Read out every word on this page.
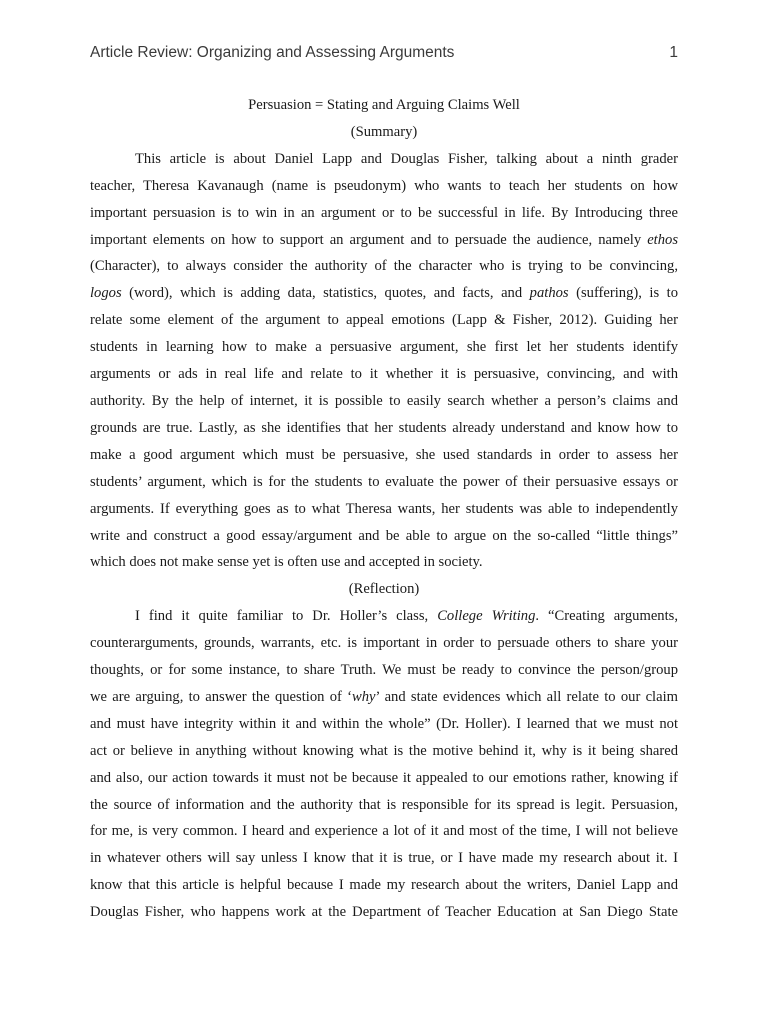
Article Review: Organizing and Assessing Arguments	1

Persuasion = Stating and Arguing Claims Well

(Summary)

This article is about Daniel Lapp and Douglas Fisher, talking about a ninth grader
teacher, Theresa Kavanaugh (name is pseudonym) who wants to teach her students on how
important persuasion is to win in an argument or to be successful in life. By Introducing three
important elements on how to support an argument and to persuade the audience, namely ethos
(Character), to always consider the authority of the character who is trying to be convincing,
logos (word), which is adding data, statistics, quotes, and facts, and pathos (suffering), is to
relate some element of the argument to appeal emotions (Lapp & Fisher, 2012). Guiding her
students in learning how to make a persuasive argument, she first let her students identify
arguments or ads in real life and relate to it whether it is persuasive, convincing, and with
authority. By the help of internet, it is possible to easily search whether a person’s claims and
grounds are true. Lastly, as she identifies that her students already understand and know how to
make a good argument which must be persuasive, she used standards in order to assess her
students’ argument, which is for the students to evaluate the power of their persuasive essays or
arguments. If everything goes as to what Theresa wants, her students was able to independently
write and construct a good essay/argument and be able to argue on the so-called “little things”
which does not make sense yet is often use and accepted in society.

(Reflection)

I find it quite familiar to Dr. Holler’s class, College Writing. “Creating arguments,
counterarguments, grounds, warrants, etc. is important in order to persuade others to share your
thoughts, or for some instance, to share Truth. We must be ready to convince the person/group
we are arguing, to answer the question of ‘why’ and state evidences which all relate to our claim
and must have integrity within it and within the whole” (Dr. Holler). I learned that we must not
act or believe in anything without knowing what is the motive behind it, why is it being shared
and also, our action towards it must not be because it appealed to our emotions rather, knowing if
the source of information and the authority that is responsible for its spread is legit. Persuasion,
for me, is very common. I heard and experience a lot of it and most of the time, I will not believe
in whatever others will say unless I know that it is true, or I have made my research about it. I
know that this article is helpful because I made my research about the writers, Daniel Lapp and
Douglas Fisher, who happens work at the Department of Teacher Education at San Diego State
